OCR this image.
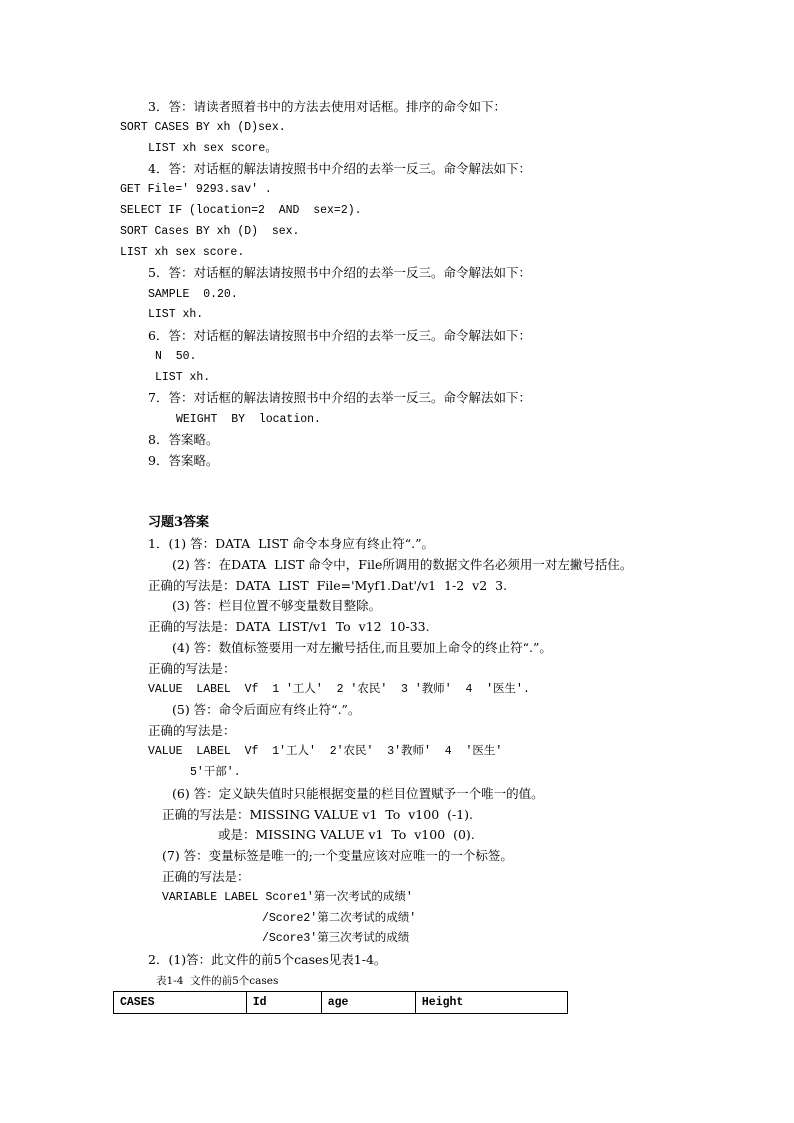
3．答：请读者照着书中的方法去使用对话框。排序的命令如下：

SORT CASES BY xh (D)sex.

LIST xh sex score。

4．答：对话框的解法请按照书中介绍的去举一反三。命令解法如下：

GET File=' 9293.sav' .

SELECT IF (location=2  AND  sex=2).

SORT Cases BY xh (D)  sex.

LIST xh sex score.

5．答：对话框的解法请按照书中介绍的去举一反三。命令解法如下：

SAMPLE  0.20.

LIST xh.

6．答：对话框的解法请按照书中介绍的去举一反三。命令解法如下：

N  50.

LIST xh.

7．答：对话框的解法请按照书中介绍的去举一反三。命令解法如下：

WEIGHT  BY  location.

8．答案略。

9．答案略。

习题3答案

1．(1) 答：DATA  LIST 命令本身应有终止符“.”。

(2) 答：在DATA  LIST 命令中，File所调用的数据文件名必须用一对左撇号括住。

正确的写法是：DATA  LIST  File='Myf1.Dat'/v1  1-2  v2  3.

(3) 答：栏目位置不够变量数目整除。

正确的写法是：DATA  LIST/v1  To  v12  10-33.

(4) 答：数值标签要用一对左撇号括住,而且要加上命令的终止符“.”。

正确的写法是：

VALUE  LABEL  Vf  1 '工人'  2 '农民'  3 '教师'  4  '医生'.

(5) 答：命令后面应有终止符“.”。

正确的写法是：

VALUE  LABEL  Vf  1'工人'  2'农民'  3'教师'  4  '医生'

5'干部'.

(6) 答：定义缺失值时只能根据变量的栏目位置赋予一个唯一的值。

正确的写法是：MISSING VALUE v1  To  v100  (-1).

或是：MISSING VALUE v1  To  v100  (0).

(7) 答：变量标签是唯一的;一个变量应该对应唯一的一个标签。

正确的写法是：

VARIABLE LABEL Score1'第一次考试的成绩'

/Score2'第二次考试的成绩'

/Score3'第三次考试的成绩

2．(1)答：此文件的前5个cases见表1-4。

表1-4  文件的前5个cases

CASES	Id	age	Height
